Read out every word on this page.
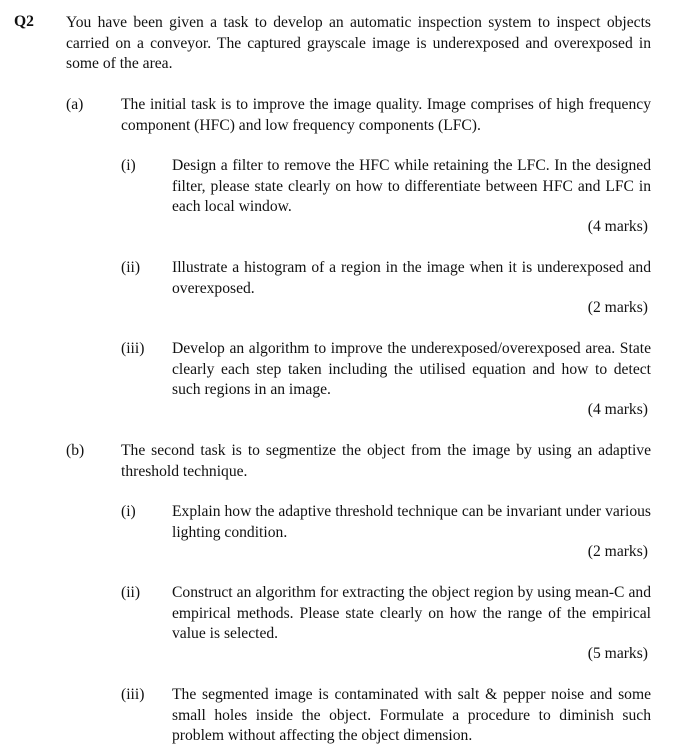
Q2 You have been given a task to develop an automatic inspection system to inspect objects carried on a conveyor. The captured grayscale image is underexposed and overexposed in some of the area.
(a) The initial task is to improve the image quality. Image comprises of high frequency component (HFC) and low frequency components (LFC).
(i) Design a filter to remove the HFC while retaining the LFC. In the designed filter, please state clearly on how to differentiate between HFC and LFC in each local window.
(4 marks)
(ii) Illustrate a histogram of a region in the image when it is underexposed and overexposed.
(2 marks)
(iii) Develop an algorithm to improve the underexposed/overexposed area. State clearly each step taken including the utilised equation and how to detect such regions in an image.
(4 marks)
(b) The second task is to segmentize the object from the image by using an adaptive threshold technique.
(i) Explain how the adaptive threshold technique can be invariant under various lighting condition.
(2 marks)
(ii) Construct an algorithm for extracting the object region by using mean-C and empirical methods. Please state clearly on how the range of the empirical value is selected.
(5 marks)
(iii) The segmented image is contaminated with salt & pepper noise and some small holes inside the object. Formulate a procedure to diminish such problem without affecting the object dimension.
